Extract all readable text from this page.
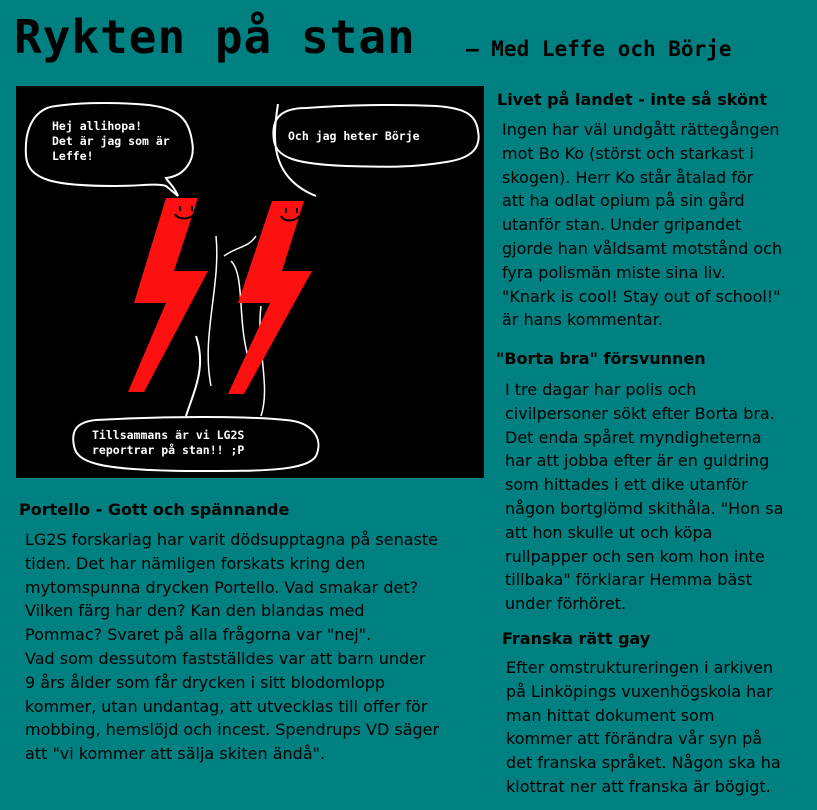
Rykten på stan – Med Leffe och Börje
Hej allihopa!
Det är jag som är
Leffe!
Och jag heter Börje
Tillsammans är vi LG2S
reportrar på stan!! ;P
Livet på landet - inte så skönt
Ingen har väl undgått rättegången
mot Bo Ko (störst och starkast i
skogen). Herr Ko står åtalad för
att ha odlat opium på sin gård
utanför stan. Under gripandet
gjorde han våldsamt motstånd och
fyra polismän miste sina liv.
"Knark is cool! Stay out of school!"
är hans kommentar.
"Borta bra" försvunnen
I tre dagar har polis och
civilpersoner sökt efter Borta bra.
Det enda spåret myndigheterna
har att jobba efter är en guldring
som hittades i ett dike utanför
någon bortglömd skithåla. "Hon sa
att hon skulle ut och köpa
rullpapper och sen kom hon inte
tillbaka" förklarar Hemma bäst
under förhöret.
Franska rätt gay
Efter omstruktureringen i arkiven
på Linköpings vuxenhögskola har
man hittat dokument som
kommer att förändra vår syn på
det franska språket. Någon ska ha
klottrat ner att franska är bögigt.
Portello - Gott och spännande
LG2S forskarlag har varit dödsupptagna på senaste
tiden. Det har nämligen forskats kring den
mytomspunna drycken Portello. Vad smakar det?
Vilken färg har den? Kan den blandas med
Pommac? Svaret på alla frågorna var "nej".
Vad som dessutom fastställdes var att barn under
9 års ålder som får drycken i sitt blodomlopp
kommer, utan undantag, att utvecklas till offer för
mobbing, hemslöjd och incest. Spendrups VD säger
att "vi kommer att sälja skiten ändå".
